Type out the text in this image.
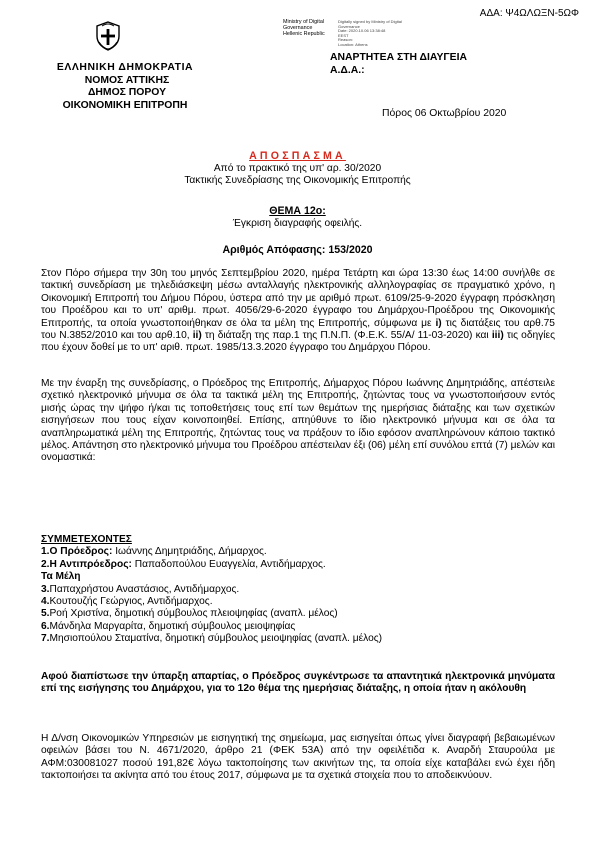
ΑΔΑ: Ψ4ΩΛΩΞΝ-5ΩΦ
ΕΛΛΗΝΙΚΗ ΔΗΜΟΚΡΑΤΙΑ
ΝΟΜΟΣ ΑΤΤΙΚΗΣ
ΔΗΜΟΣ ΠΟΡΟΥ
ΟΙΚΟΝΟΜΙΚΗ ΕΠΙΤΡΟΠΗ
Ministry of Digital
Governance
Hellenic Republic
Digitally signed by Ministry of Digital
Governance
Date: 2020.10.06 13:38:48
EEST
Reason:
Location: Athens
ΑΝΑΡΤΗΤΕΑ ΣΤΗ ΔΙΑΥΓΕΙΑ
Α.Δ.Α.:
Πόρος 06 Οκτωβρίου 2020
ΑΠΟΣΠΑΣΜΑ
Από το πρακτικό της υπ' αρ. 30/2020
Τακτικής Συνεδρίασης της Οικονομικής Επιτροπής
ΘΕΜΑ 12ο:
Έγκριση διαγραφής οφειλής.
Αριθμός Απόφασης: 153/2020
Στον Πόρο σήμερα την 30η του μηνός Σεπτεμβρίου 2020, ημέρα Τετάρτη και ώρα 13:30 έως 14:00 συνήλθε σε τακτική συνεδρίαση με τηλεδιάσκεψη μέσω ανταλλαγής ηλεκτρονικής αλληλογραφίας σε πραγματικό χρόνο, η Οικονομική Επιτροπή του Δήμου Πόρου, ύστερα από την με αριθμό πρωτ. 6109/25-9-2020 έγγραφη πρόσκληση του Προέδρου και το υπ' αριθμ. πρωτ. 4056/29-6-2020 έγγραφο του Δημάρχου-Προέδρου της Οικονομικής Επιτροπής, τα οποία γνωστοποιήθηκαν σε όλα τα μέλη της Επιτροπής, σύμφωνα με i) τις διατάξεις του αρθ.75 του Ν.3852/2010 και του αρθ.10, ii) τη διάταξη της παρ.1 της Π.Ν.Π. (Φ.Ε.Κ. 55/Α/ 11-03-2020) και iii) τις οδηγίες που έχουν δοθεί με το υπ' αριθ. πρωτ. 1985/13.3.2020 έγγραφο του Δημάρχου Πόρου.
Με την έναρξη της συνεδρίασης, ο Πρόεδρος της Επιτροπής, Δήμαρχος Πόρου Ιωάννης Δημητριάδης, απέστειλε σχετικό ηλεκτρονικό μήνυμα σε όλα τα τακτικά μέλη της Επιτροπής, ζητώντας τους να γνωστοποιήσουν εντός μισής ώρας την ψήφο ή/και τις τοποθετήσεις τους επί των θεμάτων της ημερήσιας διάταξης και των σχετικών εισηγήσεων που τους είχαν κοινοποιηθεί. Επίσης, απηύθυνε το ίδιο ηλεκτρονικό μήνυμα και σε όλα τα αναπληρωματικά μέλη της Επιτροπής, ζητώντας τους να πράξουν το ίδιο εφόσον αναπληρώνουν κάποιο τακτικό μέλος. Απάντηση στο ηλεκτρονικό μήνυμα του Προέδρου απέστειλαν έξι (06) μέλη επί συνόλου επτά (7) μελών και ονομαστικά:
ΣΥΜΜΕΤΕΧΟΝΤΕΣ
1.Ο Πρόεδρος: Ιωάννης Δημητριάδης, Δήμαρχος.
2.Η Αντιπρόεδρος: Παπαδοπούλου Ευαγγελία, Αντιδήμαρχος.
Τα Μέλη
3.Παπαχρήστου Αναστάσιος, Αντιδήμαρχος.
4.Κουτουζής Γεώργιος, Αντιδήμαρχος.
5.Ροή Χριστίνα, δημοτική σύμβουλος πλειοψηφίας (αναπλ. μέλος)
6.Μάνδηλα Μαργαρίτα, δημοτική σύμβουλος μειοψηφίας
7.Μησιοπούλου Σταματίνα, δημοτική σύμβουλος μειοψηφίας (αναπλ. μέλος)
Αφού διαπίστωσε την ύπαρξη απαρτίας, ο Πρόεδρος συγκέντρωσε τα απαντητικά ηλεκτρονικά μηνύματα επί της εισήγησης του Δημάρχου, για το 12ο θέμα της ημερήσιας διάταξης, η οποία ήταν η ακόλουθη
Η Δ/νση Οικονομικών Υπηρεσιών με εισηγητική της σημείωμα, μας εισηγείται όπως γίνει διαγραφή βεβαιωμένων οφειλών βάσει του Ν. 4671/2020, άρθρο 21 (ΦΕΚ 53Α) από την οφειλέτιδα κ. Αναρδή Σταυρούλα με ΑΦΜ:030081027 ποσού 191,82€ λόγω τακτοποίησης των ακινήτων της, τα οποία είχε καταβάλει ενώ έχει ήδη τακτοποιήσει τα ακίνητα από του έτους 2017, σύμφωνα με τα σχετικά στοιχεία που το αποδεικνύουν.
